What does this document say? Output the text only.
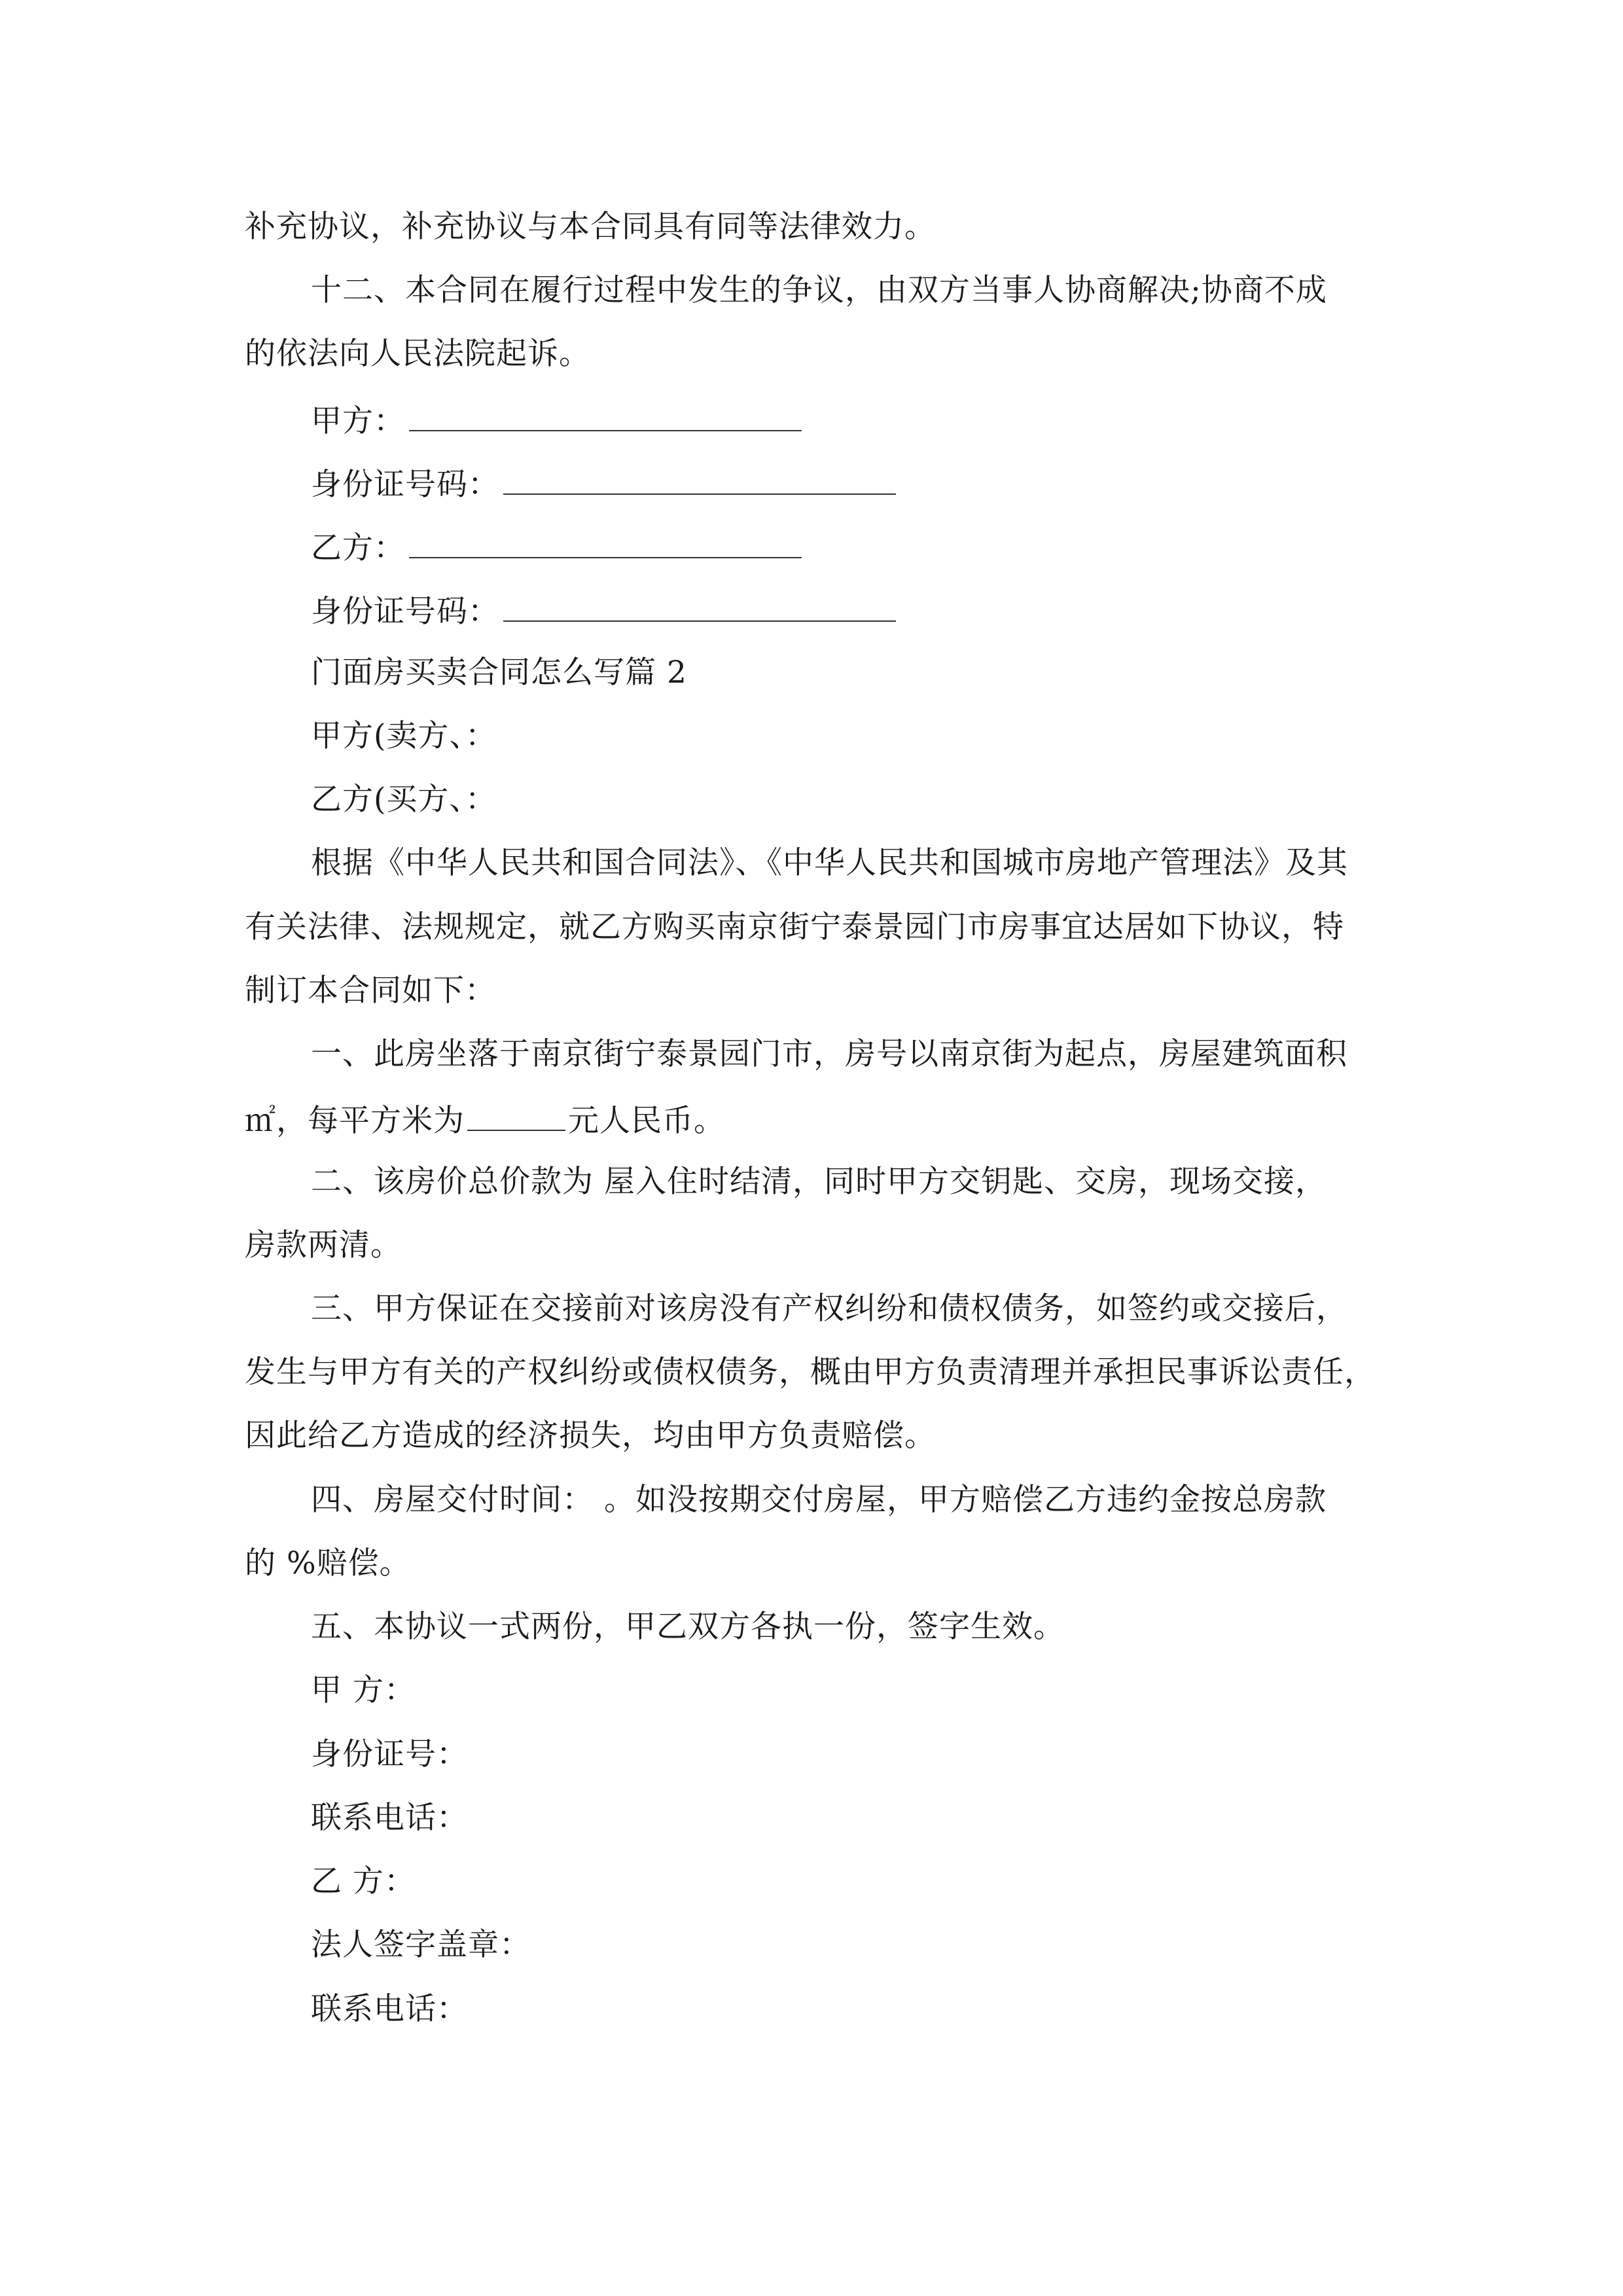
补充协议，补充协议与本合同具有同等法律效力。
十二、本合同在履行过程中发生的争议，由双方当事人协商解决;协商不成
的依法向人民法院起诉。
甲方：
身份证号码：
乙方：
身份证号码：
门面房买卖合同怎么写篇 2
甲方(卖方、：
乙方(买方、：
根据《中华人民共和国合同法》、《中华人民共和国城市房地产管理法》及其
有关法律、法规规定，就乙方购买南京街宁泰景园门市房事宜达居如下协议，特
制订本合同如下：
一、此房坐落于南京街宁泰景园门市，房号以南京街为起点，房屋建筑面积
㎡，每平方米为	元人民币。
二、该房价总价款为 屋入住时结清，同时甲方交钥匙、交房，现场交接，
房款两清。
三、甲方保证在交接前对该房没有产权纠纷和债权债务，如签约或交接后，
发生与甲方有关的产权纠纷或债权债务，概由甲方负责清理并承担民事诉讼责任，
因此给乙方造成的经济损失，均由甲方负责赔偿。
四、房屋交付时间： 。如没按期交付房屋，甲方赔偿乙方违约金按总房款
的 %赔偿。
五、本协议一式两份，甲乙双方各执一份，签字生效。
甲 方：
身份证号：
联系电话：
乙 方：
法人签字盖章：
联系电话：
